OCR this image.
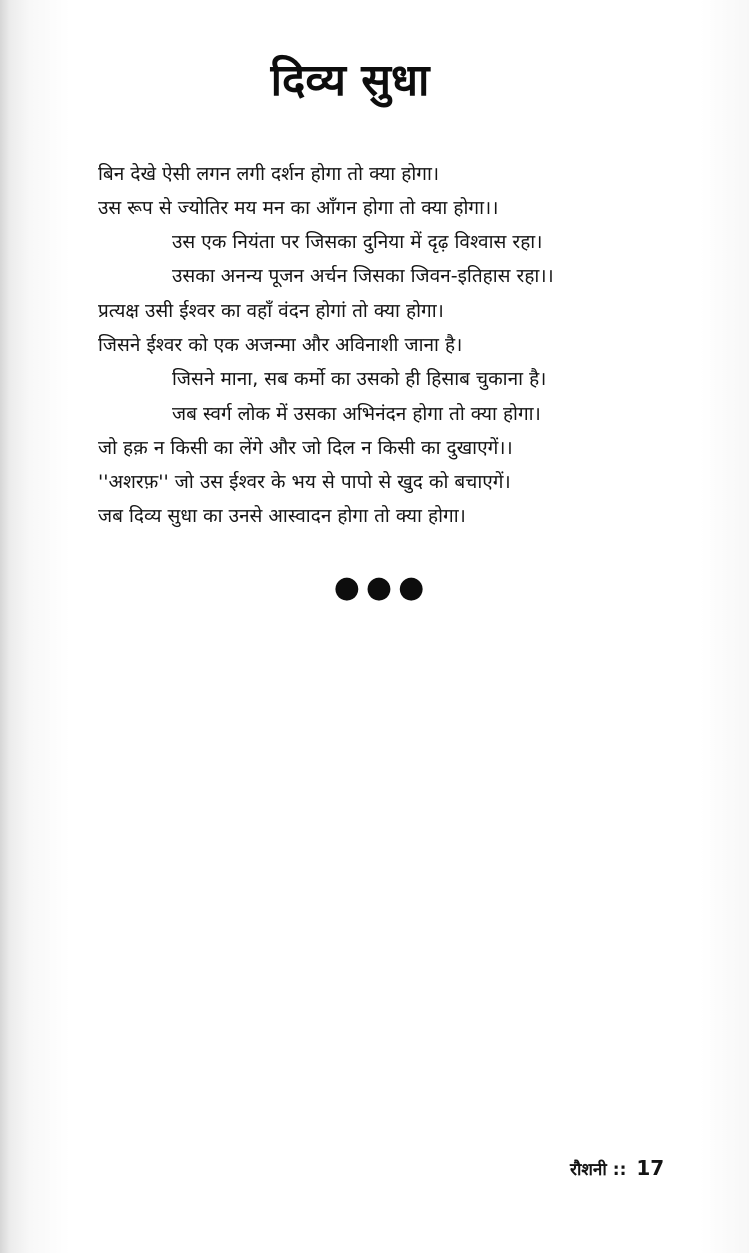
दिव्य सुधा
बिन देखे ऐसी लगन लगी दर्शन होगा तो क्या होगा।
उस रूप से ज्योतिर मय मन का आँगन होगा तो क्या होगा।।
उस एक नियंता पर जिसका दुनिया में दृढ़ विश्वास रहा।
उसका अनन्य पूजन अर्चन जिसका जिवन-इतिहास रहा।।
प्रत्यक्ष उसी ईश्वर का वहाँ वंदन होगां तो क्या होगा।
जिसने ईश्वर को एक अजन्मा और अविनाशी जाना है।
जिसने माना, सब कर्मो का उसको ही हिसाब चुकाना है।
जब स्वर्ग लोक में उसका अभिनंदन होगा तो क्या होगा।
जो हक़ न किसी का लेंगे और जो दिल न किसी का दुखाएगें।।
''अशरफ़'' जो उस ईश्वर के भय से पापो से खुद को बचाएगें।
जब दिव्य सुधा का उनसे आस्वादन होगा तो क्या होगा।
●●●
रौशनी :: 17
